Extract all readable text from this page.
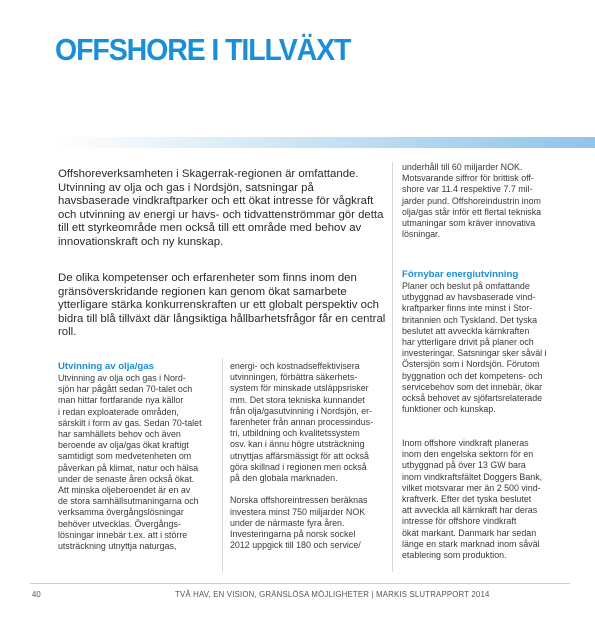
OFFSHORE I TILLVÄXT

Offshoreverksamheten i Skagerrak-regionen är omfattande. Utvinning av olja och gas i Nordsjön, satsningar på havsbaserade vindkraftparker och ett ökat intresse för vågkraft och utvinning av energi ur havs- och tidvattenströmmar gör detta till ett styrkeområde men också till ett område med behov av innovationskraft och ny kunskap.

De olika kompetenser och erfarenheter som finns inom den gränsöverskridande regionen kan genom ökat samarbete ytterligare stärka konkurrenskraften ur ett globalt perspektiv och bidra till blå tillväxt där långsiktiga hållbarhetsfrågor får en central roll.

Utvinning av olja/gas

Utvinning av olja och gas i Nord-
sjön har pågått sedan 70-talet och
man hittar fortfarande nya källor
i redan exploaterade områden,
särskilt i form av gas. Sedan 70-talet
har samhällets behov och även
beroende av olja/gas ökat kraftigt
samtidigt som medvetenheten om
påverkan på klimat, natur och hälsa
under de senaste åren också ökat.
Att minska oljeberoendet är en av
de stora samhällsutmaningarna och
verksamma övergångslösningar
behöver utvecklas. Övergångs-
lösningar innebär t.ex. att i större
utsträckning utnyttja naturgas,

energi- och kostnadseffektivisera
utvinningen, förbättra säkerhets-
system för minskade utsläppsrisker
mm. Det stora tekniska kunnandet
från olja/gasutvinning i Nordsjön, er-
farenheter från annan processindus-
tri, utbildning och kvalitetssystem
osv. kan i ännu högre utsträckning
utnyttjas affärsmässigt för att också
göra skillnad i regionen men också
på den globala marknaden.

Norska offshoreintressen beräknas
investera minst 750 miljarder NOK
under de närmaste fyra åren.
Investeringarna på norsk sockel
2012 uppgick till 180 och service/

underhåll till 60 miljarder NOK.
Motsvarande siffror för brittisk off-
shore var 11.4 respektive 7.7 mil-
jarder pund. Offshoreindustrin inom
olja/gas står inför ett flertal tekniska
utmaningar som kräver innovativa
lösningar.

Förnybar energiutvinning

Planer och beslut på omfattande
utbyggnad av havsbaserade vind-
kraftparker finns inte minst i Stor-
britannien och Tyskland. Det tyska
beslutet att avveckla kärnkraften
har ytterligare drivit på planer och
investeringar. Satsningar sker såväl i
Östersjön som i Nordsjön. Förutom
byggnation och det kompetens- och
servicebehov som det innebär, ökar
också behovet av sjöfartsrelaterade
funktioner och kunskap.

Inom offshore vindkraft planeras
inom den engelska sektorn för en
utbyggnad på över 13 GW bara
inom vindkraftsfältet Doggers Bank,
vilket motsvarar mer än 2 500 vind-
kraftverk. Efter det tyska beslutet
att avveckla all kärnkraft har deras
intresse för offshore vindkraft
ökat markant. Danmark har sedan
länge en stark marknad inom såväl
etablering som produktion.

40	TVÅ HAV, EN VISION, GRÄNSLÖSA MÖJLIGHETER | MARKIS SLUTRAPPORT 2014
